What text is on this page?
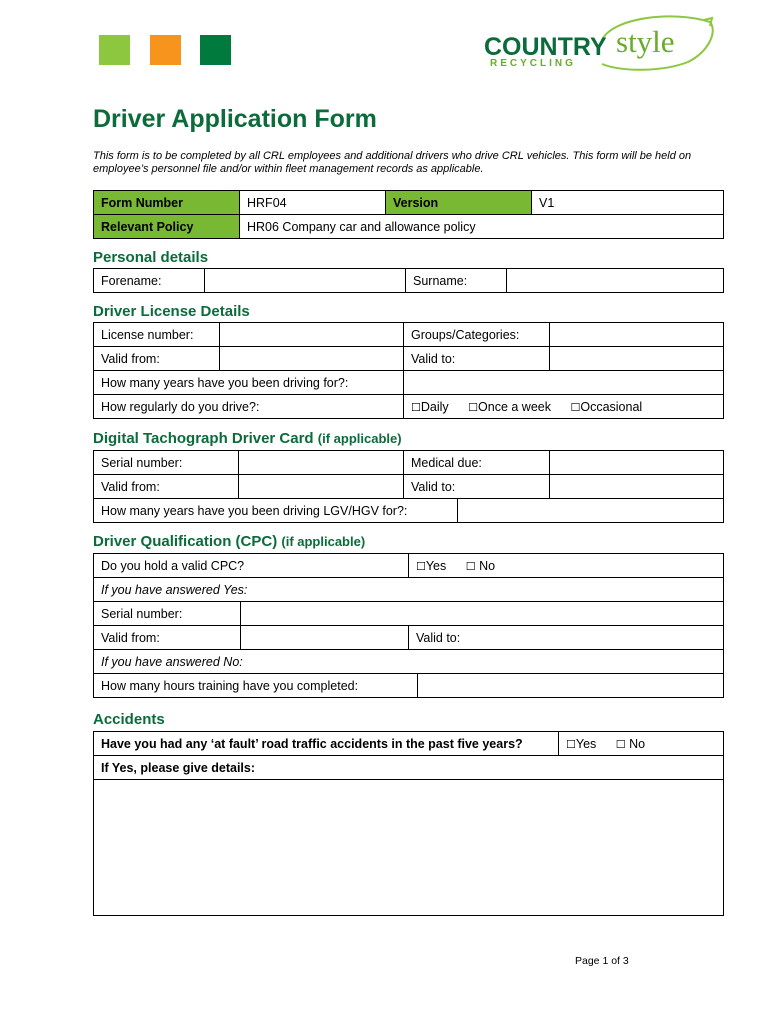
COUNTRY style
RECYCLING
Driver Application Form

This form is to be completed by all CRL employees and additional drivers who drive CRL vehicles. This form will be held on employee’s personnel file and/or within fleet management records as applicable.

Form Number	HRF04	Version	V1
Relevant Policy	HR06 Company car and allowance policy		
Personal details
Forename:		Surname:	
Driver License Details
License number:		Groups/Categories:	
Valid from:		Valid to:	
How many years have you been driving for?:			
How regularly do you drive?:		☐Daily ☐Once a week ☐Occasional	
Digital Tachograph Driver Card (if applicable)
Serial number:		Medical due:		
Valid from:		Valid to:		
How many years have you been driving LGV/HGV for?:				
Driver Qualification (CPC) (if applicable)
Do you hold a valid CPC?		☐Yes ☐ No	
If you have answered Yes:			
Serial number:			
Valid from:		Valid to:	
If you have answered No:			
How many hours training have you completed:			
Accidents
Have you had any ‘at fault’ road traffic accidents in the past five years?	☐Yes ☐ No
If Yes, please give details:

Page 1 of 3
